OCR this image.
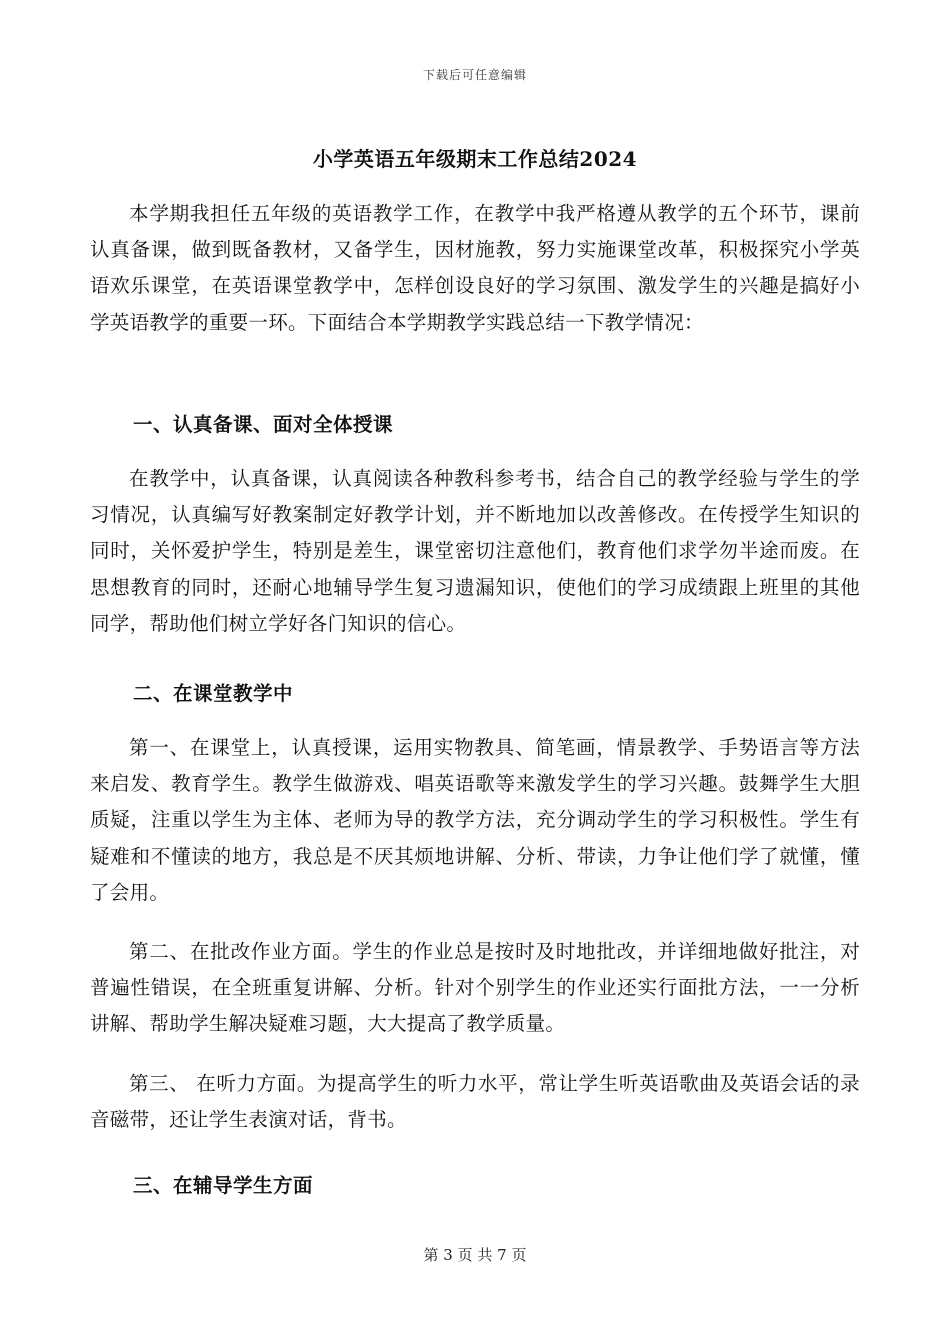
下载后可任意编辑
小学英语五年级期末工作总结2024

本学期我担任五年级的英语教学工作，在教学中我严格遵从教学的五个环节，课前认真备课，做到既备教材，又备学生，因材施教，努力实施课堂改革，积极探究小学英语欢乐课堂，在英语课堂教学中，怎样创设良好的学习氛围、激发学生的兴趣是搞好小学英语教学的重要一环。下面结合本学期教学实践总结一下教学情况：

一、认真备课、面对全体授课

在教学中，认真备课，认真阅读各种教科参考书，结合自己的教学经验与学生的学习情况，认真编写好教案制定好教学计划，并不断地加以改善修改。在传授学生知识的同时，关怀爱护学生，特别是差生，课堂密切注意他们，教育他们求学勿半途而废。在思想教育的同时，还耐心地辅导学生复习遗漏知识，使他们的学习成绩跟上班里的其他同学，帮助他们树立学好各门知识的信心。

二、在课堂教学中

第一、在课堂上，认真授课，运用实物教具、简笔画，情景教学、手势语言等方法来启发、教育学生。教学生做游戏、唱英语歌等来激发学生的学习兴趣。鼓舞学生大胆质疑，注重以学生为主体、老师为导的教学方法，充分调动学生的学习积极性。学生有疑难和不懂读的地方，我总是不厌其烦地讲解、分析、带读，力争让他们学了就懂，懂了会用。

第二、在批改作业方面。学生的作业总是按时及时地批改，并详细地做好批注，对普遍性错误，在全班重复讲解、分析。针对个别学生的作业还实行面批方法，一一分析讲解、帮助学生解决疑难习题，大大提高了教学质量。

第三、 在听力方面。为提高学生的听力水平，常让学生听英语歌曲及英语会话的录音磁带，还让学生表演对话，背书。

三、在辅导学生方面
第 3 页 共 7 页
